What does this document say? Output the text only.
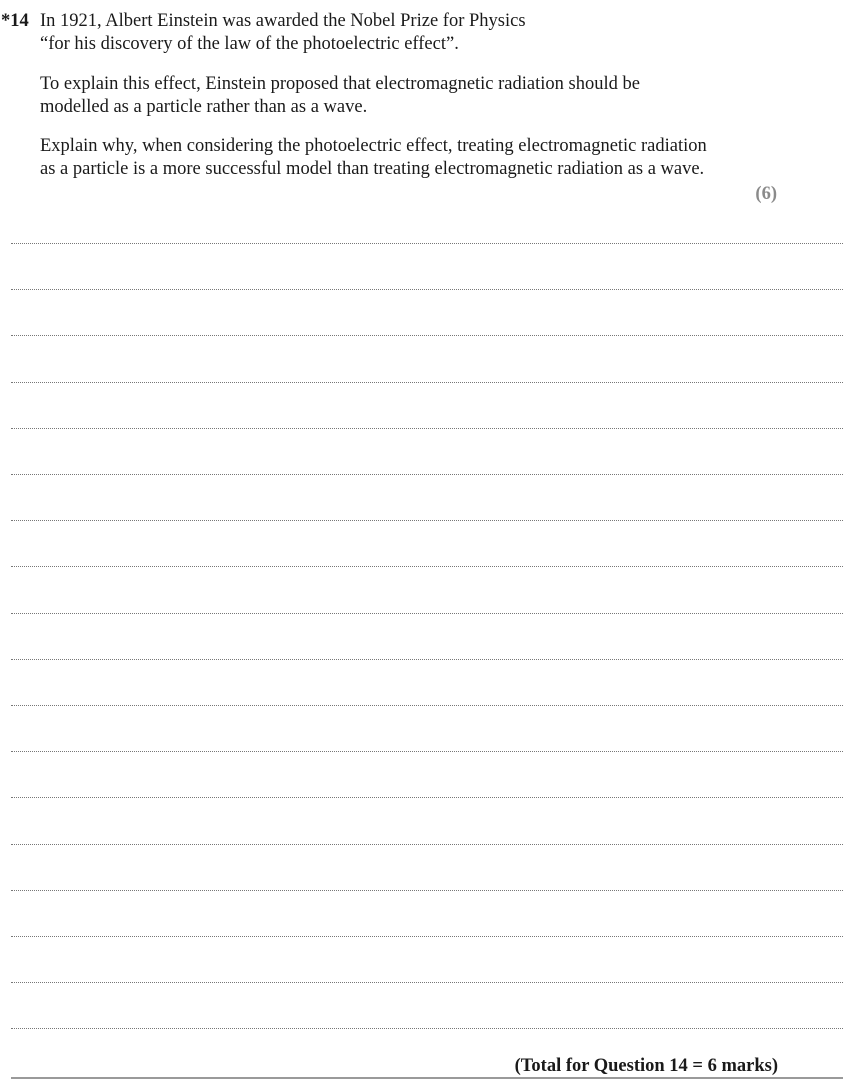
*14 In 1921, Albert Einstein was awarded the Nobel Prize for Physics
“for his discovery of the law of the photoelectric effect”.

To explain this effect, Einstein proposed that electromagnetic radiation should be
modelled as a particle rather than as a wave.

Explain why, when considering the photoelectric effect, treating electromagnetic radiation
as a particle is a more successful model than treating electromagnetic radiation as a wave.

(6)
(Total for Question 14 = 6 marks)
